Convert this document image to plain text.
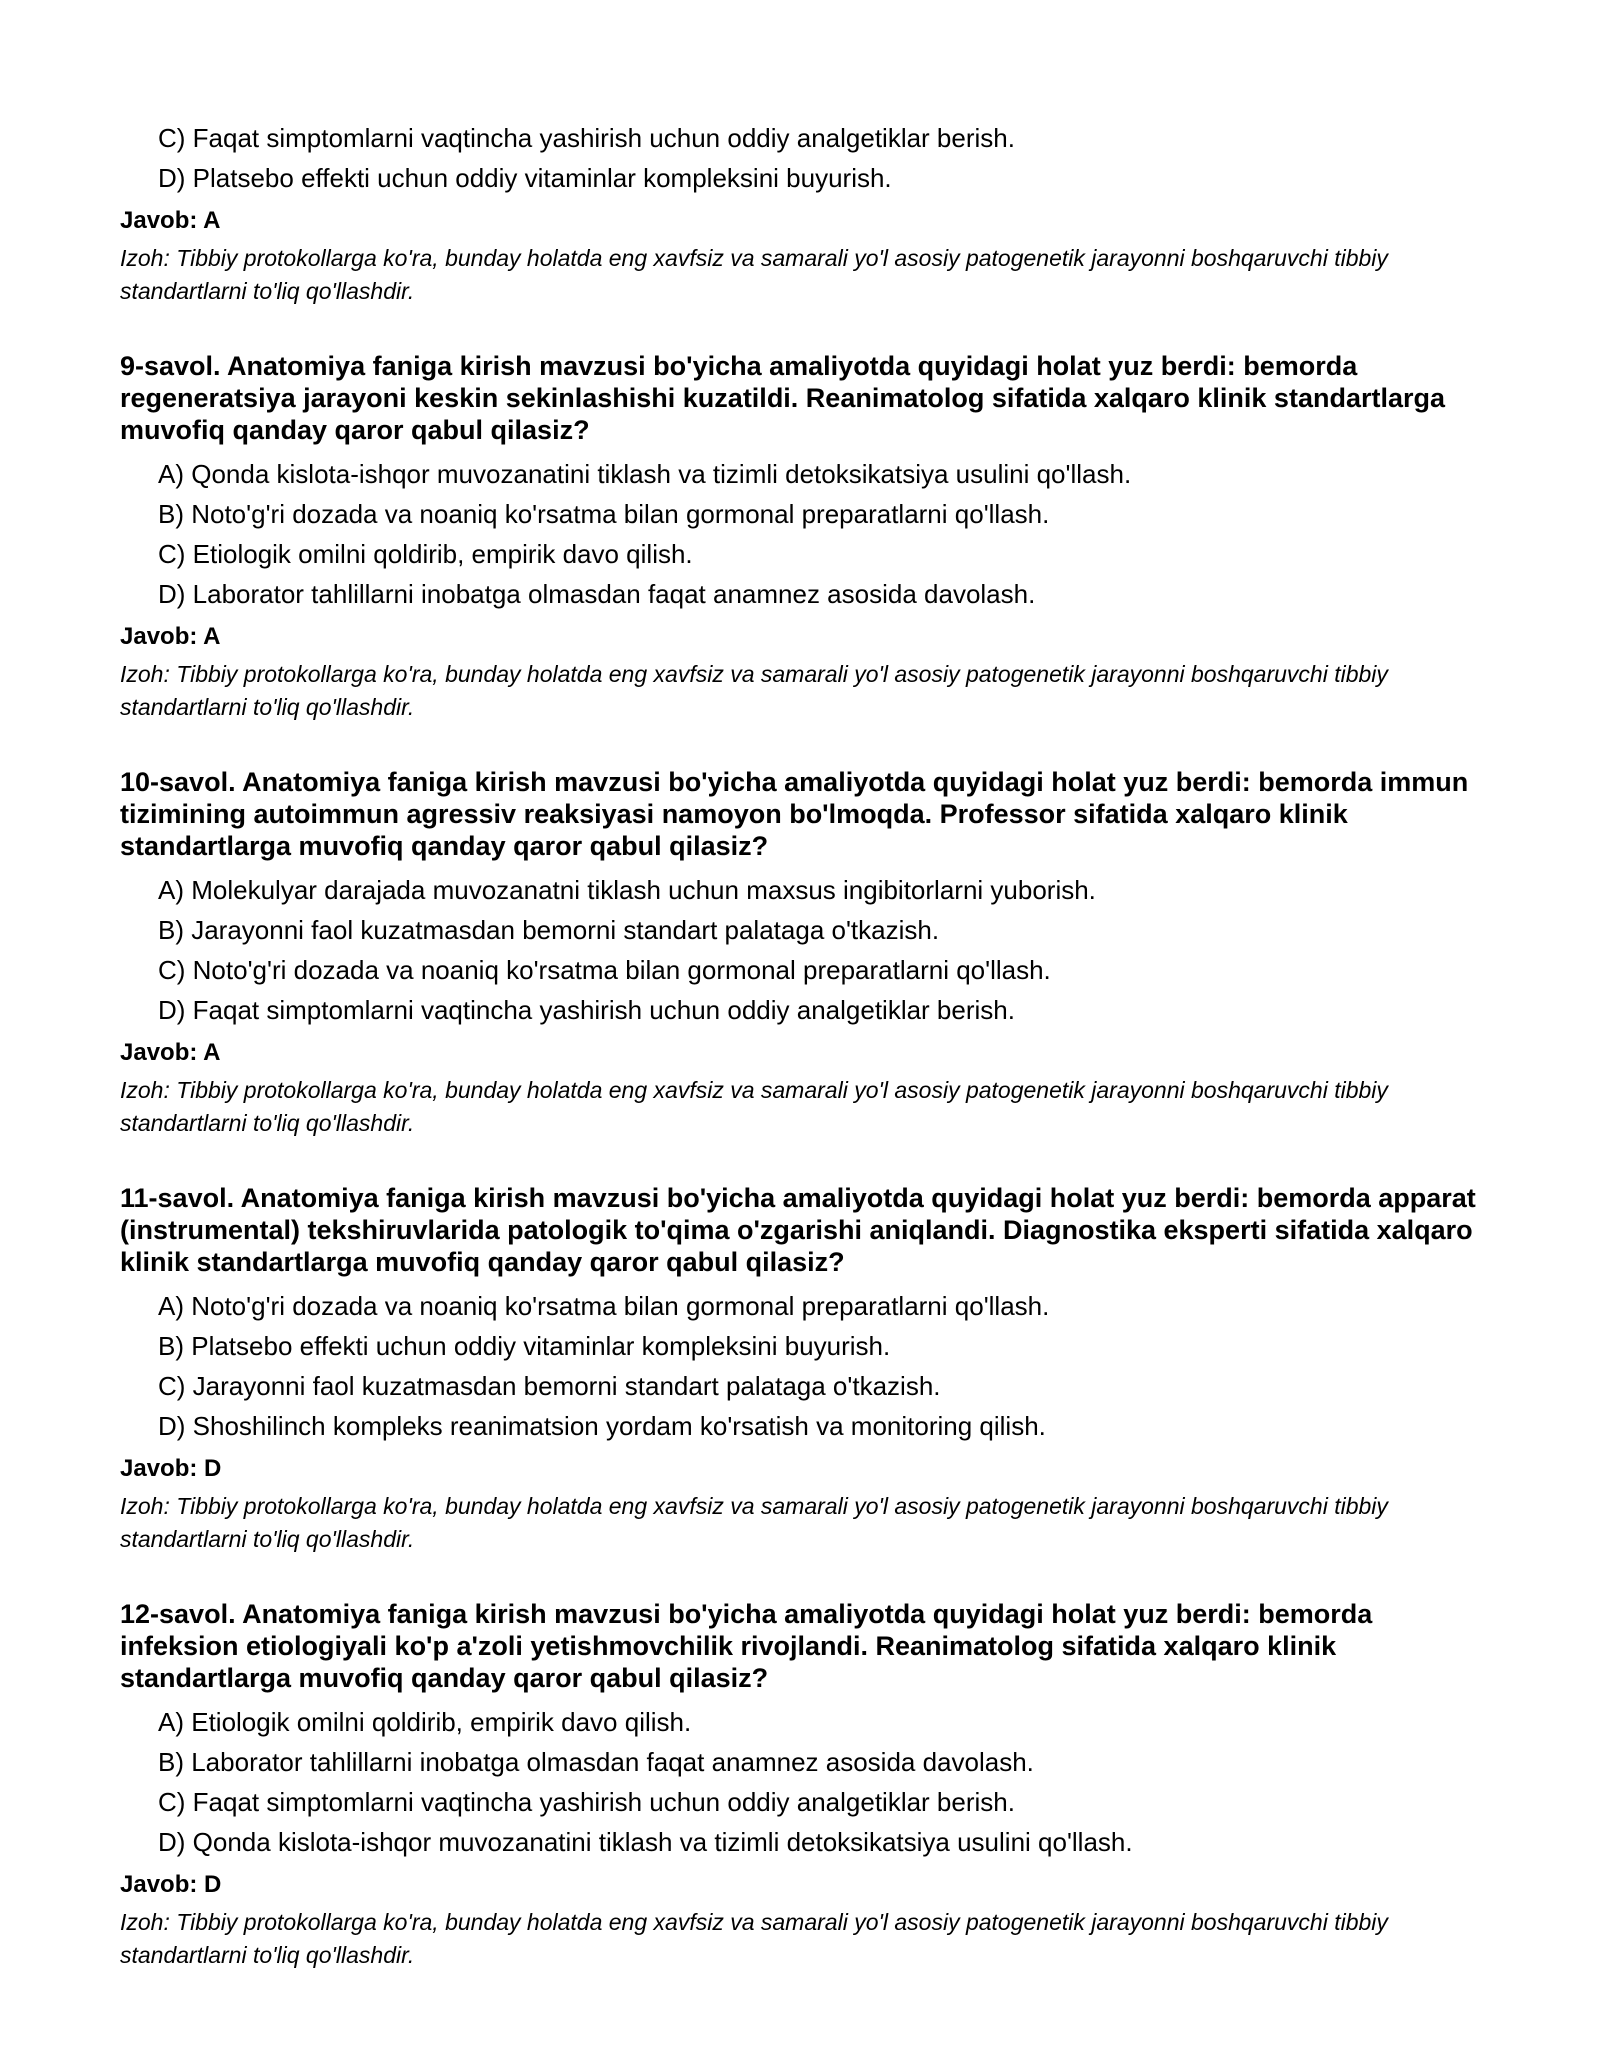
C) Faqat simptomlarni vaqtincha yashirish uchun oddiy analgetiklar berish.
D) Platsebo effekti uchun oddiy vitaminlar kompleksini buyurish.
Javob: A
Izoh: Tibbiy protokollarga ko'ra, bunday holatda eng xavfsiz va samarali yo'l asosiy patogenetik jarayonni boshqaruvchi tibbiy standartlarni to'liq qo'llashdir.
9-savol. Anatomiya faniga kirish mavzusi bo'yicha amaliyotda quyidagi holat yuz berdi: bemorda regeneratsiya jarayoni keskin sekinlashishi kuzatildi. Reanimatolog sifatida xalqaro klinik standartlarga muvofiq qanday qaror qabul qilasiz?
A) Qonda kislota-ishqor muvozanatini tiklash va tizimli detoksikatsiya usulini qo'llash.
B) Noto'g'ri dozada va noaniq ko'rsatma bilan gormonal preparatlarni qo'llash.
C) Etiologik omilni qoldirib, empirik davo qilish.
D) Laborator tahlillarni inobatga olmasdan faqat anamnez asosida davolash.
Javob: A
Izoh: Tibbiy protokollarga ko'ra, bunday holatda eng xavfsiz va samarali yo'l asosiy patogenetik jarayonni boshqaruvchi tibbiy standartlarni to'liq qo'llashdir.
10-savol. Anatomiya faniga kirish mavzusi bo'yicha amaliyotda quyidagi holat yuz berdi: bemorda immun tizimining autoimmun agressiv reaksiyasi namoyon bo'lmoqda. Professor sifatida xalqaro klinik standartlarga muvofiq qanday qaror qabul qilasiz?
A) Molekulyar darajada muvozanatni tiklash uchun maxsus ingibitorlarni yuborish.
B) Jarayonni faol kuzatmasdan bemorni standart palataga o'tkazish.
C) Noto'g'ri dozada va noaniq ko'rsatma bilan gormonal preparatlarni qo'llash.
D) Faqat simptomlarni vaqtincha yashirish uchun oddiy analgetiklar berish.
Javob: A
Izoh: Tibbiy protokollarga ko'ra, bunday holatda eng xavfsiz va samarali yo'l asosiy patogenetik jarayonni boshqaruvchi tibbiy standartlarni to'liq qo'llashdir.
11-savol. Anatomiya faniga kirish mavzusi bo'yicha amaliyotda quyidagi holat yuz berdi: bemorda apparat (instrumental) tekshiruvlarida patologik to'qima o'zgarishi aniqlandi. Diagnostika eksperti sifatida xalqaro klinik standartlarga muvofiq qanday qaror qabul qilasiz?
A) Noto'g'ri dozada va noaniq ko'rsatma bilan gormonal preparatlarni qo'llash.
B) Platsebo effekti uchun oddiy vitaminlar kompleksini buyurish.
C) Jarayonni faol kuzatmasdan bemorni standart palataga o'tkazish.
D) Shoshilinch kompleks reanimatsion yordam ko'rsatish va monitoring qilish.
Javob: D
Izoh: Tibbiy protokollarga ko'ra, bunday holatda eng xavfsiz va samarali yo'l asosiy patogenetik jarayonni boshqaruvchi tibbiy standartlarni to'liq qo'llashdir.
12-savol. Anatomiya faniga kirish mavzusi bo'yicha amaliyotda quyidagi holat yuz berdi: bemorda infeksion etiologiyali ko'p a'zoli yetishmovchilik rivojlandi. Reanimatolog sifatida xalqaro klinik standartlarga muvofiq qanday qaror qabul qilasiz?
A) Etiologik omilni qoldirib, empirik davo qilish.
B) Laborator tahlillarni inobatga olmasdan faqat anamnez asosida davolash.
C) Faqat simptomlarni vaqtincha yashirish uchun oddiy analgetiklar berish.
D) Qonda kislota-ishqor muvozanatini tiklash va tizimli detoksikatsiya usulini qo'llash.
Javob: D
Izoh: Tibbiy protokollarga ko'ra, bunday holatda eng xavfsiz va samarali yo'l asosiy patogenetik jarayonni boshqaruvchi tibbiy standartlarni to'liq qo'llashdir.
